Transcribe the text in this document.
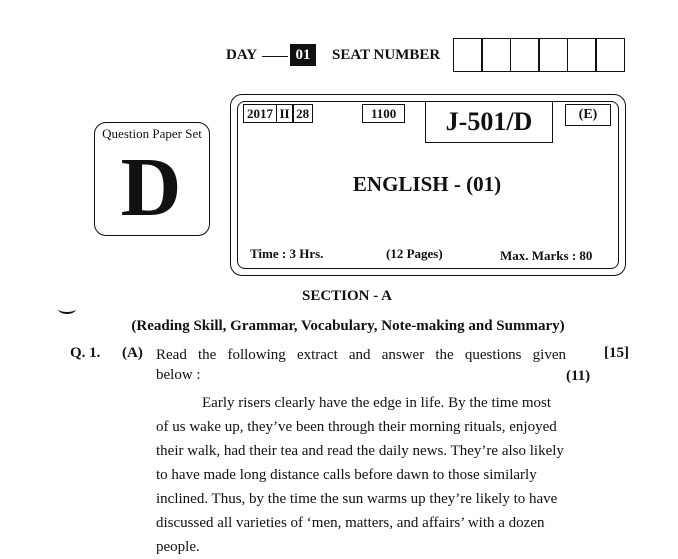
DAY	01	SEAT NUMBER
Question Paper Set
D
2017 II 28	1100	J-501/D	(E)
ENGLISH - (01)
Time : 3 Hrs.	(12 Pages)	Max. Marks : 80
SECTION - A
(Reading Skill, Grammar, Vocabulary, Note-making and Summary)
Q. 1. (A) Read the following extract and answer the questions given
below :
[15]
(11)
Early risers clearly have the edge in life. By the time most
of us wake up, they’ve been through their morning rituals, enjoyed
their walk, had their tea and read the daily news. They’re also likely
to have made long distance calls before dawn to those similarly
inclined. Thus, by the time the sun warms up they’re likely to have
discussed all varieties of ‘men, matters, and affairs’ with a dozen
people.
